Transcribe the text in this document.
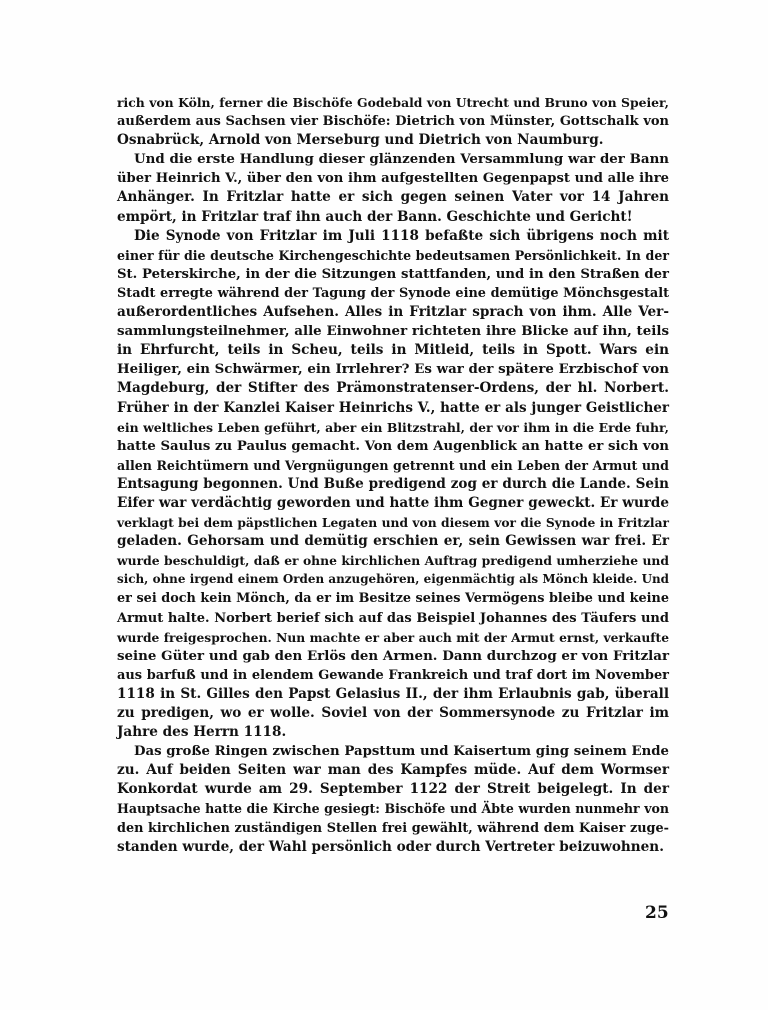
rich von Köln, ferner die Bischöfe Godebald von Utrecht und Bruno von Speier,
außerdem aus Sachsen vier Bischöfe: Dietrich von Münster, Gottschalk von
Osnabrück, Arnold von Merseburg und Dietrich von Naumburg.
Und die erste Handlung dieser glänzenden Versammlung war der Bann
über Heinrich V., über den von ihm aufgestellten Gegenpapst und alle ihre
Anhänger. In Fritzlar hatte er sich gegen seinen Vater vor 14 Jahren
empört, in Fritzlar traf ihn auch der Bann. Geschichte und Gericht!
Die Synode von Fritzlar im Juli 1118 befaßte sich übrigens noch mit
einer für die deutsche Kirchengeschichte bedeutsamen Persönlichkeit. In der
St. Peterskirche, in der die Sitzungen stattfanden, und in den Straßen der
Stadt erregte während der Tagung der Synode eine demütige Mönchsgestalt
außerordentliches Aufsehen. Alles in Fritzlar sprach von ihm. Alle Ver-
sammlungsteilnehmer, alle Einwohner richteten ihre Blicke auf ihn, teils
in Ehrfurcht, teils in Scheu, teils in Mitleid, teils in Spott. Wars ein
Heiliger, ein Schwärmer, ein Irrlehrer? Es war der spätere Erzbischof von
Magdeburg, der Stifter des Prämonstratenser-Ordens, der hl. Norbert.
Früher in der Kanzlei Kaiser Heinrichs V., hatte er als junger Geistlicher
ein weltliches Leben geführt, aber ein Blitzstrahl, der vor ihm in die Erde fuhr,
hatte Saulus zu Paulus gemacht. Von dem Augenblick an hatte er sich von
allen Reichtümern und Vergnügungen getrennt und ein Leben der Armut und
Entsagung begonnen. Und Buße predigend zog er durch die Lande. Sein
Eifer war verdächtig geworden und hatte ihm Gegner geweckt. Er wurde
verklagt bei dem päpstlichen Legaten und von diesem vor die Synode in Fritzlar
geladen. Gehorsam und demütig erschien er, sein Gewissen war frei. Er
wurde beschuldigt, daß er ohne kirchlichen Auftrag predigend umherziehe und
sich, ohne irgend einem Orden anzugehören, eigenmächtig als Mönch kleide. Und
er sei doch kein Mönch, da er im Besitze seines Vermögens bleibe und keine
Armut halte. Norbert berief sich auf das Beispiel Johannes des Täufers und
wurde freigesprochen. Nun machte er aber auch mit der Armut ernst, verkaufte
seine Güter und gab den Erlös den Armen. Dann durchzog er von Fritzlar
aus barfuß und in elendem Gewande Frankreich und traf dort im November
1118 in St. Gilles den Papst Gelasius II., der ihm Erlaubnis gab, überall
zu predigen, wo er wolle. Soviel von der Sommersynode zu Fritzlar im
Jahre des Herrn 1118.
Das große Ringen zwischen Papsttum und Kaisertum ging seinem Ende
zu. Auf beiden Seiten war man des Kampfes müde. Auf dem Wormser
Konkordat wurde am 29. September 1122 der Streit beigelegt. In der
Hauptsache hatte die Kirche gesiegt: Bischöfe und Äbte wurden nunmehr von
den kirchlichen zuständigen Stellen frei gewählt, während dem Kaiser zuge-
standen wurde, der Wahl persönlich oder durch Vertreter beizuwohnen.
25
